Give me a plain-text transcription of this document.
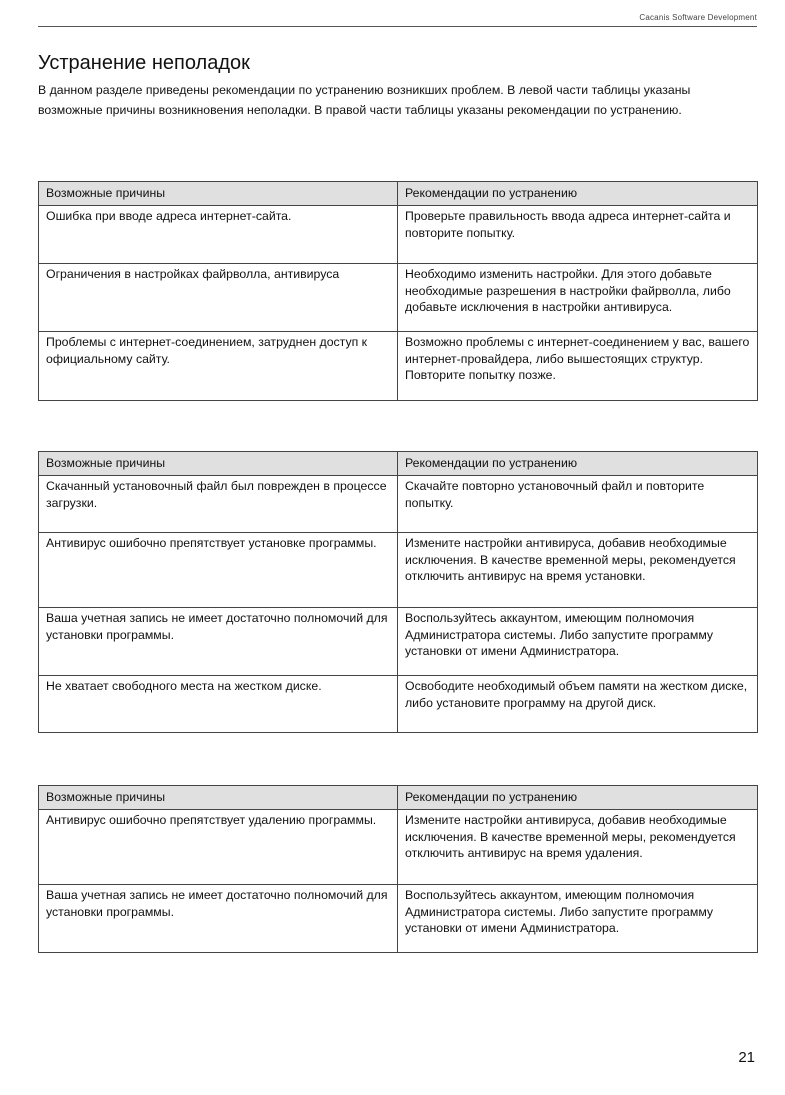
Cacanis Software Development
Устранение неполадок

В данном разделе приведены рекомендации по устранению возникших проблем. В левой части таблицы указаны возможные причины возникновения неполадки. В правой части таблицы указаны рекомендации по устранению.

Возможные причины	Рекомендации по устранению
Ошибка при вводе адреса интернет-сайта.	Проверьте правильность ввода адреса интернет-сайта и повторите попытку.
Ограничения в настройках файрволла, антивируса	Необходимо изменить настройки. Для этого добавьте необходимые разрешения в настройки файрволла, либо добавьте исключения в настройки антивируса.
Проблемы с интернет-соединением, затруднен доступ к официальному сайту.	Возможно проблемы с интернет-соединением у вас, вашего интернет-провайдера, либо вышестоящих структур. Повторите попытку позже.
Возможные причины	Рекомендации по устранению
Скачанный установочный файл был поврежден в процессе загрузки.	Скачайте повторно установочный файл и повторите попытку.
Антивирус ошибочно препятствует установке программы.	Измените настройки антивируса, добавив необходимые исключения. В качестве временной меры, рекомендуется отключить антивирус на время установки.
Ваша учетная запись не имеет достаточно полномочий для установки программы.	Воспользуйтесь аккаунтом, имеющим полномочия Администратора системы. Либо запустите программу установки от имени Администратора.
Не хватает свободного места на жестком диске.	Освободите необходимый объем памяти на жестком диске, либо установите программу на другой диск.
Возможные причины	Рекомендации по устранению
Антивирус ошибочно препятствует удалению программы.	Измените настройки антивируса, добавив необходимые исключения. В качестве временной меры, рекомендуется отключить антивирус на время удаления.
Ваша учетная запись не имеет достаточно полномочий для установки программы.	Воспользуйтесь аккаунтом, имеющим полномочия Администратора системы. Либо запустите программу установки от имени Администратора.
21
